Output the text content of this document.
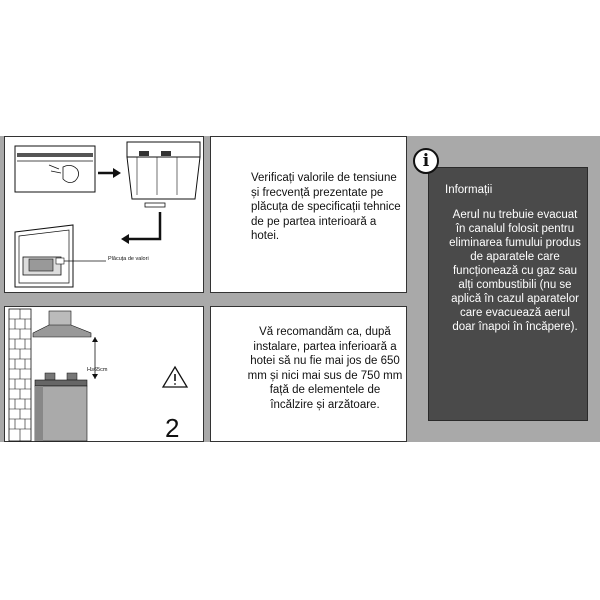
Plăcuța de valori
Verificați valorile de tensiune și frecvență prezentate pe plăcuța de specificații tehnice de pe partea interioară a hotei.
H≥65cm
2
Vă recomandăm ca, după instalare, partea inferioară a hotei să nu fie mai jos de 650 mm și nici mai sus de 750 mm față de elementele de încălzire și arzătoare.
Informații
Aerul nu trebuie evacuat în canalul folosit pentru eliminarea fumului produs de aparatele care funcționează cu gaz sau alți combustibili (nu se aplică în cazul aparatelor care evacuează aerul doar înapoi în încăpere).
i
